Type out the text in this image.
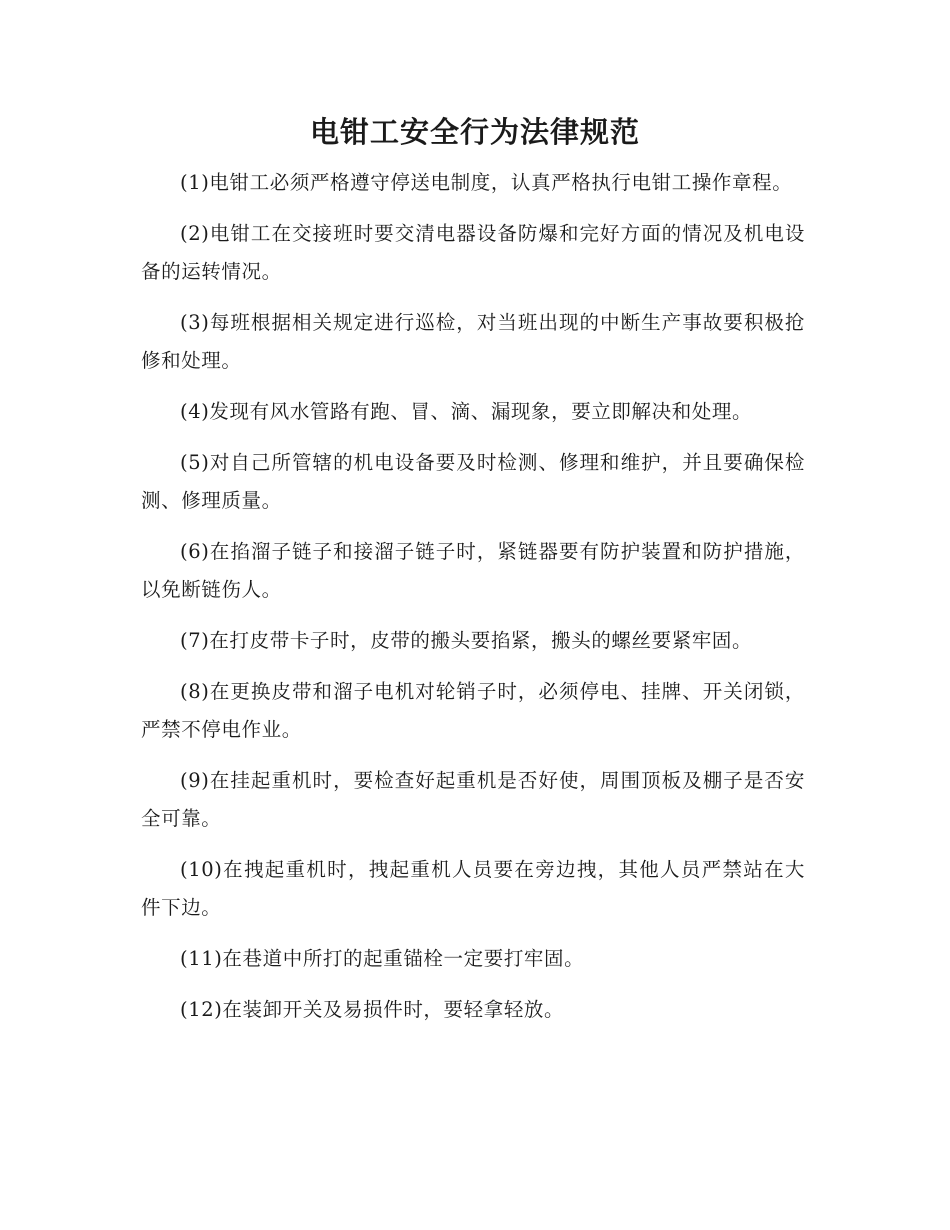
电钳工安全行为法律规范

(1)电钳工必须严格遵守停送电制度，认真严格执行电钳工操作章程。

(2)电钳工在交接班时要交清电器设备防爆和完好方面的情况及机电设备的运转情况。

(3)每班根据相关规定进行巡检，对当班出现的中断生产事故要积极抢修和处理。

(4)发现有风水管路有跑、冒、滴、漏现象，要立即解决和处理。

(5)对自己所管辖的机电设备要及时检测、修理和维护，并且要确保检测、修理质量。

(6)在掐溜子链子和接溜子链子时，紧链器要有防护装置和防护措施，以免断链伤人。

(7)在打皮带卡子时，皮带的搬头要掐紧，搬头的螺丝要紧牢固。

(8)在更换皮带和溜子电机对轮销子时，必须停电、挂牌、开关闭锁，严禁不停电作业。

(9)在挂起重机时，要检查好起重机是否好使，周围顶板及棚子是否安全可靠。

(10)在拽起重机时，拽起重机人员要在旁边拽，其他人员严禁站在大件下边。

(11)在巷道中所打的起重锚栓一定要打牢固。

(12)在装卸开关及易损件时，要轻拿轻放。
